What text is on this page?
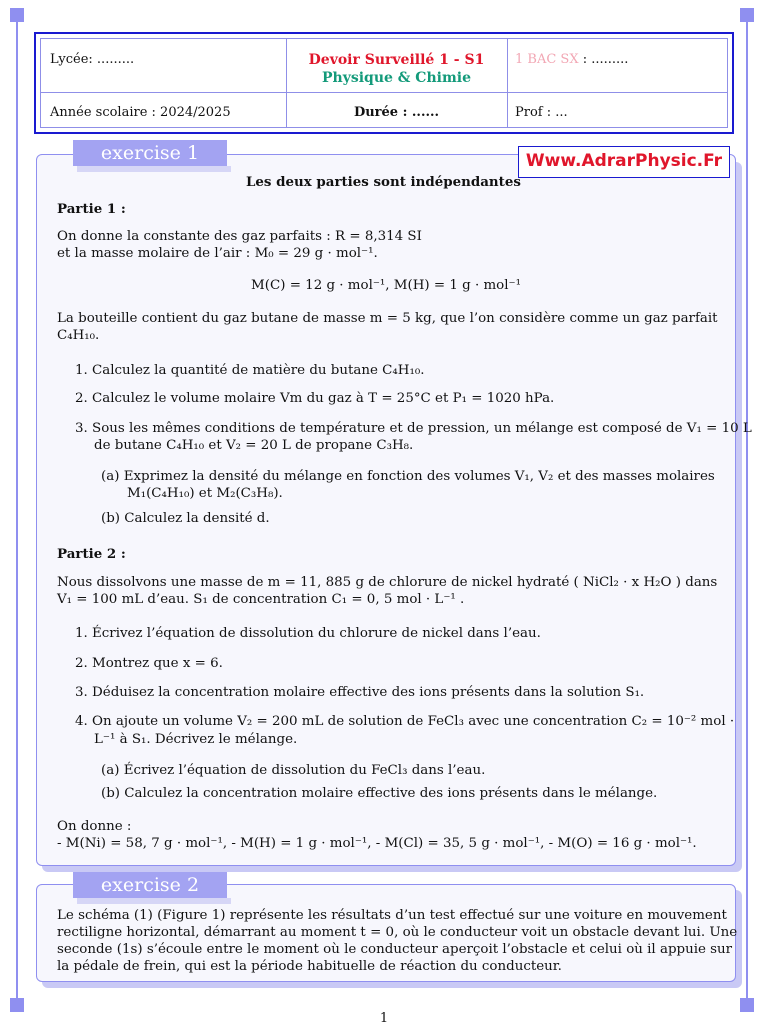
Lycée: .........
Année scolaire : 2024/2025
Devoir Surveillé 1 - S1
Physique & Chimie
Durée : ......
1 BAC SX : .........
Prof : ...
exercise 1	Www.AdrarPhysic.Fr
Les deux parties sont indépendantes
Partie 1 :
On donne la constante des gaz parfaits : R = 8,314 SI
et la masse molaire de l’air : M₀ = 29 g · mol⁻¹.
M(C) = 12 g · mol⁻¹, M(H) = 1 g · mol⁻¹
La bouteille contient du gaz butane de masse m = 5 kg, que l’on considère comme un gaz parfait
C₄H₁₀.
1. Calculez la quantité de matière du butane C₄H₁₀.
2. Calculez le volume molaire Vm du gaz à T = 25°C et P₁ = 1020 hPa.
3. Sous les mêmes conditions de température et de pression, un mélange est composé de V₁ = 10 L
de butane C₄H₁₀ et V₂ = 20 L de propane C₃H₈.
(a) Exprimez la densité du mélange en fonction des volumes V₁, V₂ et des masses molaires
M₁(C₄H₁₀) et M₂(C₃H₈).
(b) Calculez la densité d.
Partie 2 :
Nous dissolvons une masse de m = 11, 885 g de chlorure de nickel hydraté ( NiCl₂ · x H₂O ) dans
V₁ = 100 mL d’eau. S₁ de concentration C₁ = 0, 5 mol · L⁻¹ .
1. Écrivez l’équation de dissolution du chlorure de nickel dans l’eau.
2. Montrez que x = 6.
3. Déduisez la concentration molaire effective des ions présents dans la solution S₁.
4. On ajoute un volume V₂ = 200 mL de solution de FeCl₃ avec une concentration C₂ = 10⁻² mol ·
L⁻¹ à S₁. Décrivez le mélange.
(a) Écrivez l’équation de dissolution du FeCl₃ dans l’eau.
(b) Calculez la concentration molaire effective des ions présents dans le mélange.
On donne :
- M(Ni) = 58, 7 g · mol⁻¹, - M(H) = 1 g · mol⁻¹, - M(Cl) = 35, 5 g · mol⁻¹, - M(O) = 16 g · mol⁻¹.
exercise 2
Le schéma (1) (Figure 1) représente les résultats d’un test effectué sur une voiture en mouvement
rectiligne horizontal, démarrant au moment t = 0, où le conducteur voit un obstacle devant lui. Une
seconde (1s) s’écoule entre le moment où le conducteur aperçoit l’obstacle et celui où il appuie sur
la pédale de frein, qui est la période habituelle de réaction du conducteur.
1
